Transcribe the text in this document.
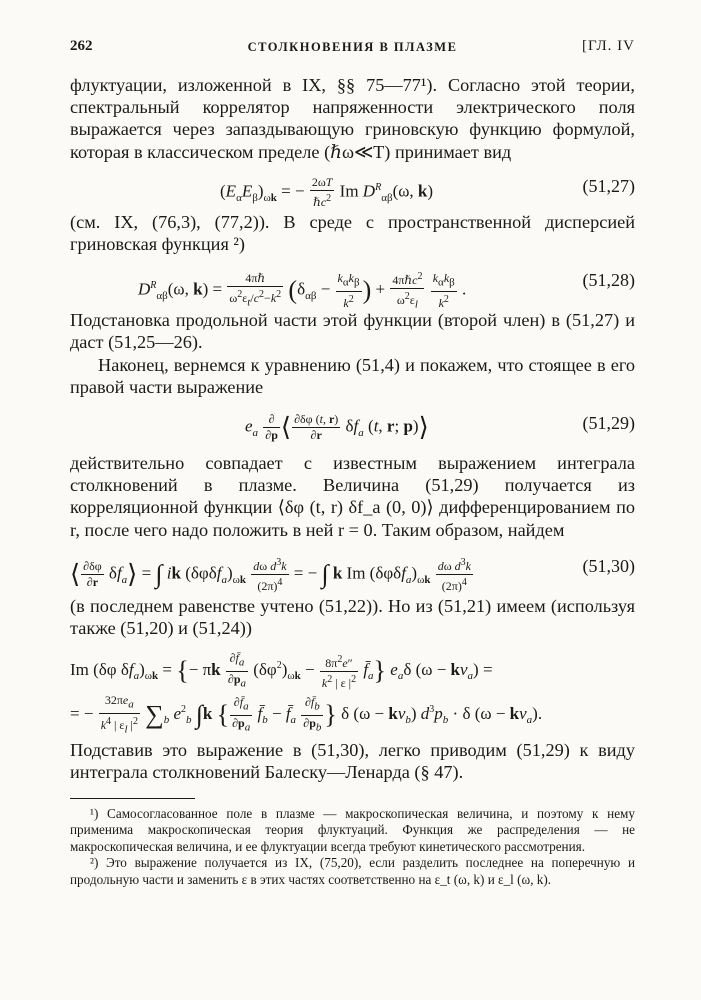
262	СТОЛКНОВЕНИЯ В ПЛАЗМЕ	[ГЛ. IV

флуктуации, изложенной в IX, §§ 75—77¹). Согласно этой теории, спектральный коррелятор напряженности электрического поля выражается через запаздывающую гриновскую функцию формулой, которая в классическом пределе (ℏω≪T) принимает вид

$(E_\alpha E_\beta)_{\omega k}$ = − $\frac{2\omega T}{\hbar c^2}$ Im $D^R_{\alpha\beta}(\omega$, k)	(51,27)

(см. IX, (76,3), (77,2)). В среде с пространственной дисперсией гриновская функция ²)

$D^R_{\alpha\beta}(\omega$, $k) = \frac{\text{4πℏ}}{\omega^2\varepsilon_t/c^2-k^2} (\delta_{\alpha\beta} - \frac{k_\alpha k_\beta}{k^2}$ ) + $\frac{4\pi\hbar c^2}{\omega^2\varepsilon_l}$
$\frac{k_\alpha k_\beta}{k^2}$ .	(51,28)

Подстановка продольной части этой функции (второй член) в (51,27) и даст (51,25—26).

Наконец, вернемся к уравнению (51,4) и покажем, что стоящее в его правой части выражение

$e_a \frac{\partial}{\partial p}$ ⟨ $\frac{\partial\delta\varphi (t, r)}{\partial r} \delta f_a$ (t, r; p)⟩	(51,29)

действительно совпадает с известным выражением интеграла столкновений в плазме. Величина (51,29) получается из корреляционной функции ⟨δφ (t, r) δf_a (0, 0)⟩ дифференцированием по r, после чего надо положить в ней r = 0. Таким образом, найдем

⟨ $\frac{\partial\delta\varphi}{\partial r}$ $\delta f_a⟩$ = ∫ ik $(\delta\varphi\delta f_a)_{\omega k} \frac{d\omega d^3k}{(2\pi)^4}$ = − ∫ k Im $(\delta\varphi\delta f_a)_{\omega k} \frac{d\omega d^3k}{(2\pi)^4}$	(51,30)

(в последнем равенстве учтено (51,22)). Но из (51,21) имеем (используя также (51,20) и (51,24))

Im (δφ $\delta f_a)_{\omega k}$ = {− πk $\frac{\partial f̄_a}{\partial p_a} (\delta\varphi^2)_{\omega k} - \frac{8\pi^2e''}{k^2 | \varepsilon |^2}$ $f̄_a$} $e_a\delta$ $(\omega - kv_a)$ =
= − $\frac{32\pi e_a}{k^4 | \varepsilon_l |^2} \sum_b$ $e^2_b$ ∫k { $\frac{\partial f̄_a}{\partial p_a}$ $f̄_b$ − $f̄_a \frac{\partial f̄_b}{\partial p_b}$ } δ $(\omega - kv_b)$ $d^3p_b \cdot \delta$ $(\omega - kv_a)$.

Подставив это выражение в (51,30), легко приводим (51,29) к виду интеграла столкновений Балеску—Ленарда (§ 47).

¹) Самосогласованное поле в плазме — макроскопическая величина, и поэтому к нему применима макроскопическая теория флуктуаций. Функция же распределения — не макроскопическая величина, и ее флуктуации всегда требуют кинетического рассмотрения.

²) Это выражение получается из IX, (75,20), если разделить последнее на поперечную и продольную части и заменить ε в этих частях соответственно на ε_t (ω, k) и ε_l (ω, k).
